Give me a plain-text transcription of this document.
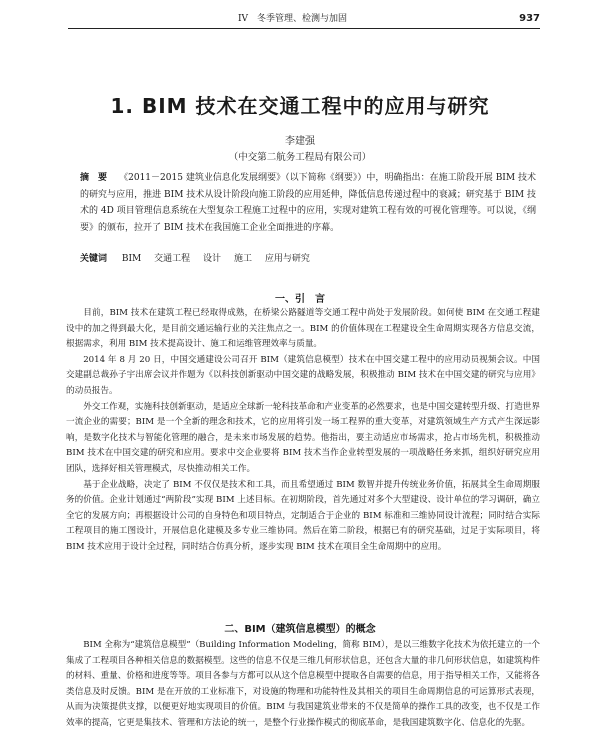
IV　冬季管理、检测与加固	937
1. BIM 技术在交通工程中的应用与研究
李建强
（中交第二航务工程局有限公司）
摘　要 《2011－2015 建筑业信息化发展纲要》（以下简称《纲要》）中，明确指出：在施工阶段开展 BIM 技术的研究与应用，推进 BIM 技术从设计阶段向施工阶段的应用延伸，降低信息传递过程中的衰减；研究基于 BIM 技术的 4D 项目管理信息系统在大型复杂工程施工过程中的应用，实现对建筑工程有效的可视化管理等。可以说，《纲要》的颁布，拉开了 BIM 技术在我国施工企业全面推进的序幕。
关键词 BIM 交通工程 设计 施工 应用与研究
一、引　言

目前，BIM 技术在建筑工程已经取得成熟，在桥梁公路隧道等交通工程中尚处于发展阶段。如何使 BIM 在交通工程建设中的加之得到最大化，是目前交通运输行业的关注焦点之一。BIM 的价值体现在工程建设全生命周期实现各方信息交流，根据需求，利用 BIM 技术提高设计、施工和运维管理效率与质量。

2014 年 8 月 20 日，中国交通建设公司召开 BIM（建筑信息模型）技术在中国交建工程中的应用动员视频会议。中国交建副总裁孙子宇出席会议并作题为《以科技创新驱动中国交建的战略发展，积极推动 BIM 技术在中国交建的研究与应用》的动员报告。

外交工作观，实施科技创新驱动，是适应全球新一轮科技革命和产业变革的必然要求，也是中国交建转型升级、打造世界一流企业的需要；BIM 是一个全新的理念和技术，它的应用将引发一场工程界的重大变革，对建筑领域生产方式产生深远影响，是数字化技术与智能化管理的融合，是未来市场发展的趋势。他指出，要主动适应市场需求，抢占市场先机，积极推动 BIM 技术在中国交建的研究和应用。要求中交企业要将 BIM 技术当作企业转型发展的一项战略任务来抓，组织好研究应用团队，选择好相关管理模式，尽快推动相关工作。

基于企业战略，决定了 BIM 不仅仅是技术和工具，而且希望通过 BIM 数智并提升传统业务价值，拓展其全生命周期服务的价值。企业计划通过“两阶段”实现 BIM 上述目标。在初期阶段，首先通过对多个大型建设、设计单位的学习调研，确立全它的发展方向；再根据设计公司的自身特色和项目特点，定制适合于企业的 BIM 标准和三维协同设计流程；同时结合实际工程项目的施工图设计，开展信息化建模及多专业三维协同。然后在第二阶段，根据已有的研究基础，过足于实际项目，将 BIM 技术应用于设计全过程，同时结合仿真分析，逐步实现 BIM 技术在项目全生命周期中的应用。

二、BIM（建筑信息模型）的概念

BIM 全称为“建筑信息模型”（Building Information Modeling，简称 BIM），是以三维数字化技术为依托建立的一个集成了工程项目各种相关信息的数据模型。这些的信息不仅是三维几何形状信息，还包含大量的非几何形状信息，如建筑构件的材料、重量、价格和进度等等。项目各参与方都可以从这个信息模型中提取各自需要的信息，用于指导相关工作，又能将各类信息及时反馈。BIM 是在开放的工业标准下，对设施的物理和功能特性及其相关的项目生命周期信息的可运算形式表现，从而为决策提供支撑，以便更好地实现项目的价值。BIM 与我国建筑业带来的不仅是简单的操作工具的改变，也不仅是工作效率的提高，它更是集技术、管理和方法论的统一，是整个行业操作模式的彻底革命，是我国建筑数字化、信息化的先驱。
